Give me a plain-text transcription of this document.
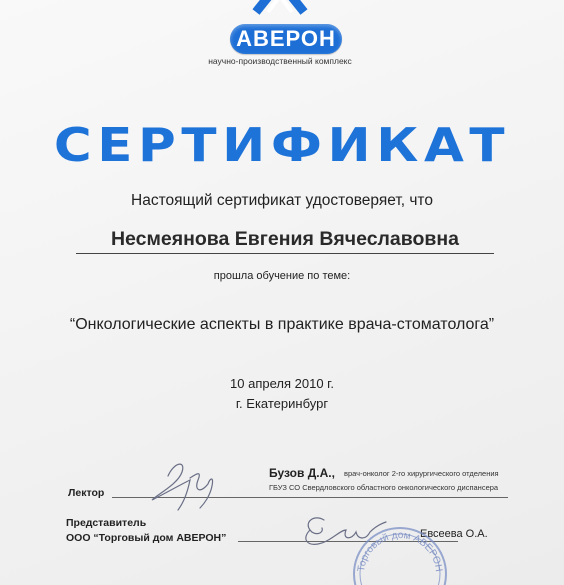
АВЕРОН
научно-производственный комплекс
СЕРТИФИКАТ
Настоящий сертификат удостоверяет, что
Несмеянова Евгения Вячеславовна
прошла обучение по теме:
“Онкологические аспекты в практике врача-стоматолога”
10 апреля 2010 г.
г. Екатеринбург
Лектор
Бузов Д.А., врач-онколог 2-го хирургического отделения
ГБУЗ СО Свердловского областного онкологического диспансера
Представитель
ООО “Торговый дом АВЕРОН”	Евсеева О.А.
Торговый дом АВЕРОН
